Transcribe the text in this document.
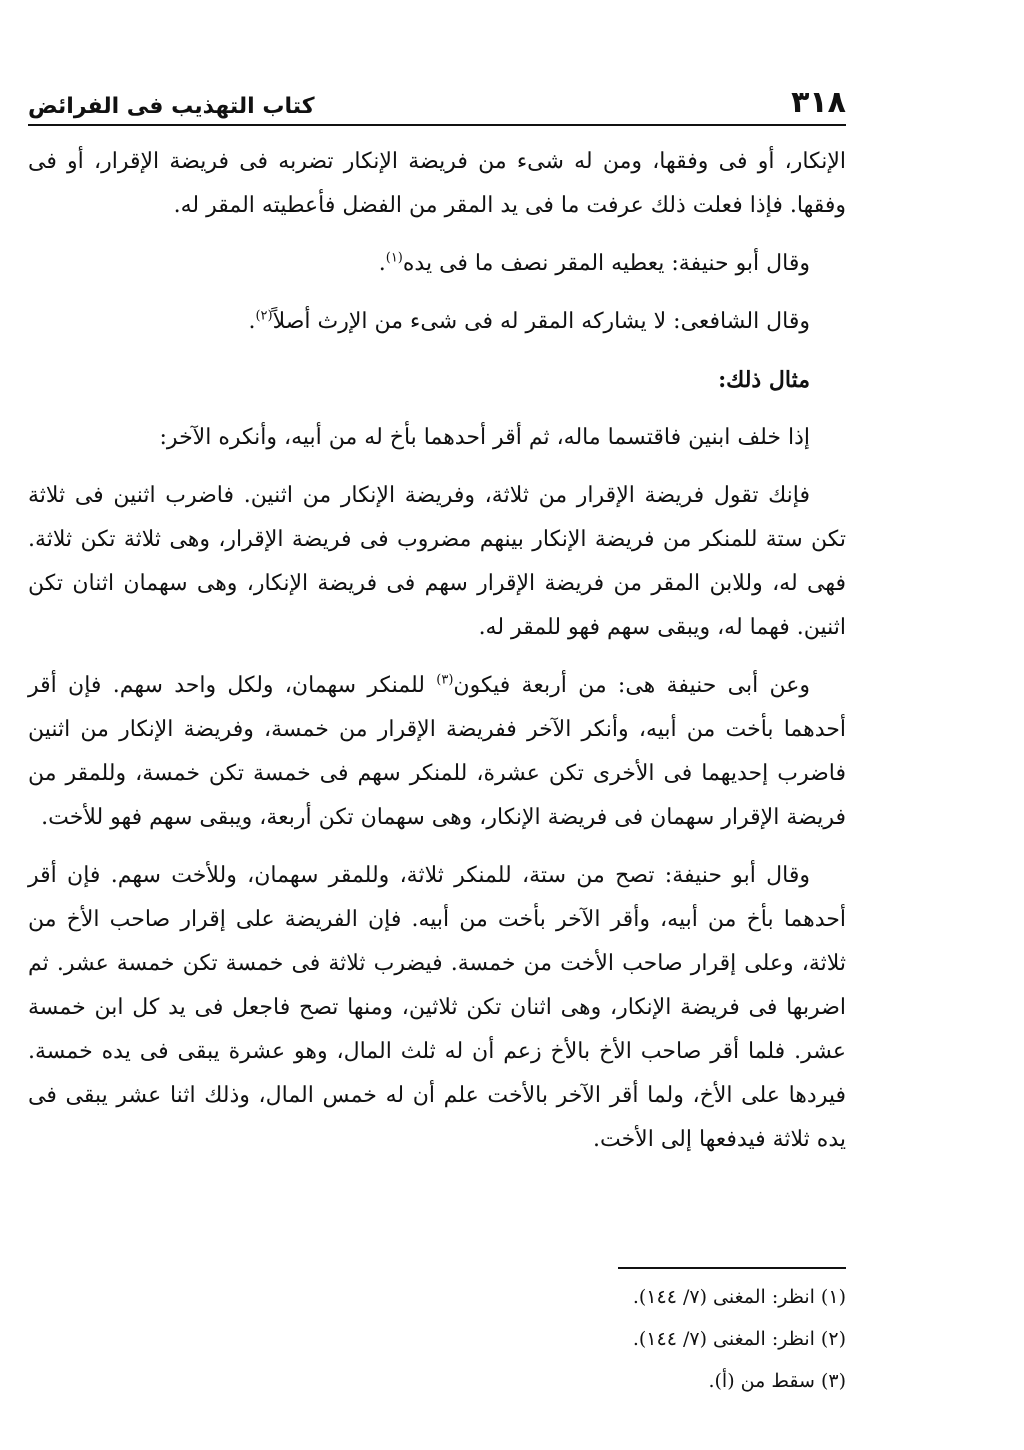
٣١٨
كتاب التهذيب فى الفرائض

الإنكار، أو فى وفقها، ومن له شىء من فريضة الإنكار تضربه فى فريضة الإقرار، أو فى وفقها. فإذا فعلت ذلك عرفت ما فى يد المقر من الفضل فأعطيته المقر له.

وقال أبو حنيفة: يعطيه المقر نصف ما فى يده$^{(١)}$.

وقال الشافعى: لا يشاركه المقر له فى شىء من الإرث أصلاً$^{(٢)}$.

مثال ذلك:

إذا خلف ابنين فاقتسما ماله، ثم أقر أحدهما بأخ له من أبيه، وأنكره الآخر:

فإنك تقول فريضة الإقرار من ثلاثة، وفريضة الإنكار من اثنين. فاضرب اثنين فى ثلاثة تكن ستة للمنكر من فريضة الإنكار بينهم مضروب فى فريضة الإقرار، وهى ثلاثة تكن ثلاثة. فهى له، وللابن المقر من فريضة الإقرار سهم فى فريضة الإنكار، وهى سهمان اثنان تكن اثنين. فهما له، ويبقى سهم فهو للمقر له.

وعن أبى حنيفة هى: من أربعة فيكون$^{(٣)}$ للمنكر سهمان، ولكل واحد سهم. فإن أقر أحدهما بأخت من أبيه، وأنكر الآخر ففريضة الإقرار من خمسة، وفريضة الإنكار من اثنين فاضرب إحديهما فى الأخرى تكن عشرة، للمنكر سهم فى خمسة تكن خمسة، وللمقر من فريضة الإقرار سهمان فى فريضة الإنكار، وهى سهمان تكن أربعة، ويبقى سهم فهو للأخت.

وقال أبو حنيفة: تصح من ستة، للمنكر ثلاثة، وللمقر سهمان، وللأخت سهم. فإن أقر أحدهما بأخ من أبيه، وأقر الآخر بأخت من أبيه. فإن الفريضة على إقرار صاحب الأخ من ثلاثة، وعلى إقرار صاحب الأخت من خمسة. فيضرب ثلاثة فى خمسة تكن خمسة عشر. ثم اضربها فى فريضة الإنكار، وهى اثنان تكن ثلاثين، ومنها تصح فاجعل فى يد كل ابن خمسة عشر. فلما أقر صاحب الأخ بالأخ زعم أن له ثلث المال، وهو عشرة يبقى فى يده خمسة. فيردها على الأخ، ولما أقر الآخر بالأخت علم أن له خمس المال، وذلك اثنا عشر يبقى فى يده ثلاثة فيدفعها إلى الأخت.

(١) انظر: المغنى (٧/ ١٤٤).
(٢) انظر: المغنى (٧/ ١٤٤).
(٣) سقط من (أ).
